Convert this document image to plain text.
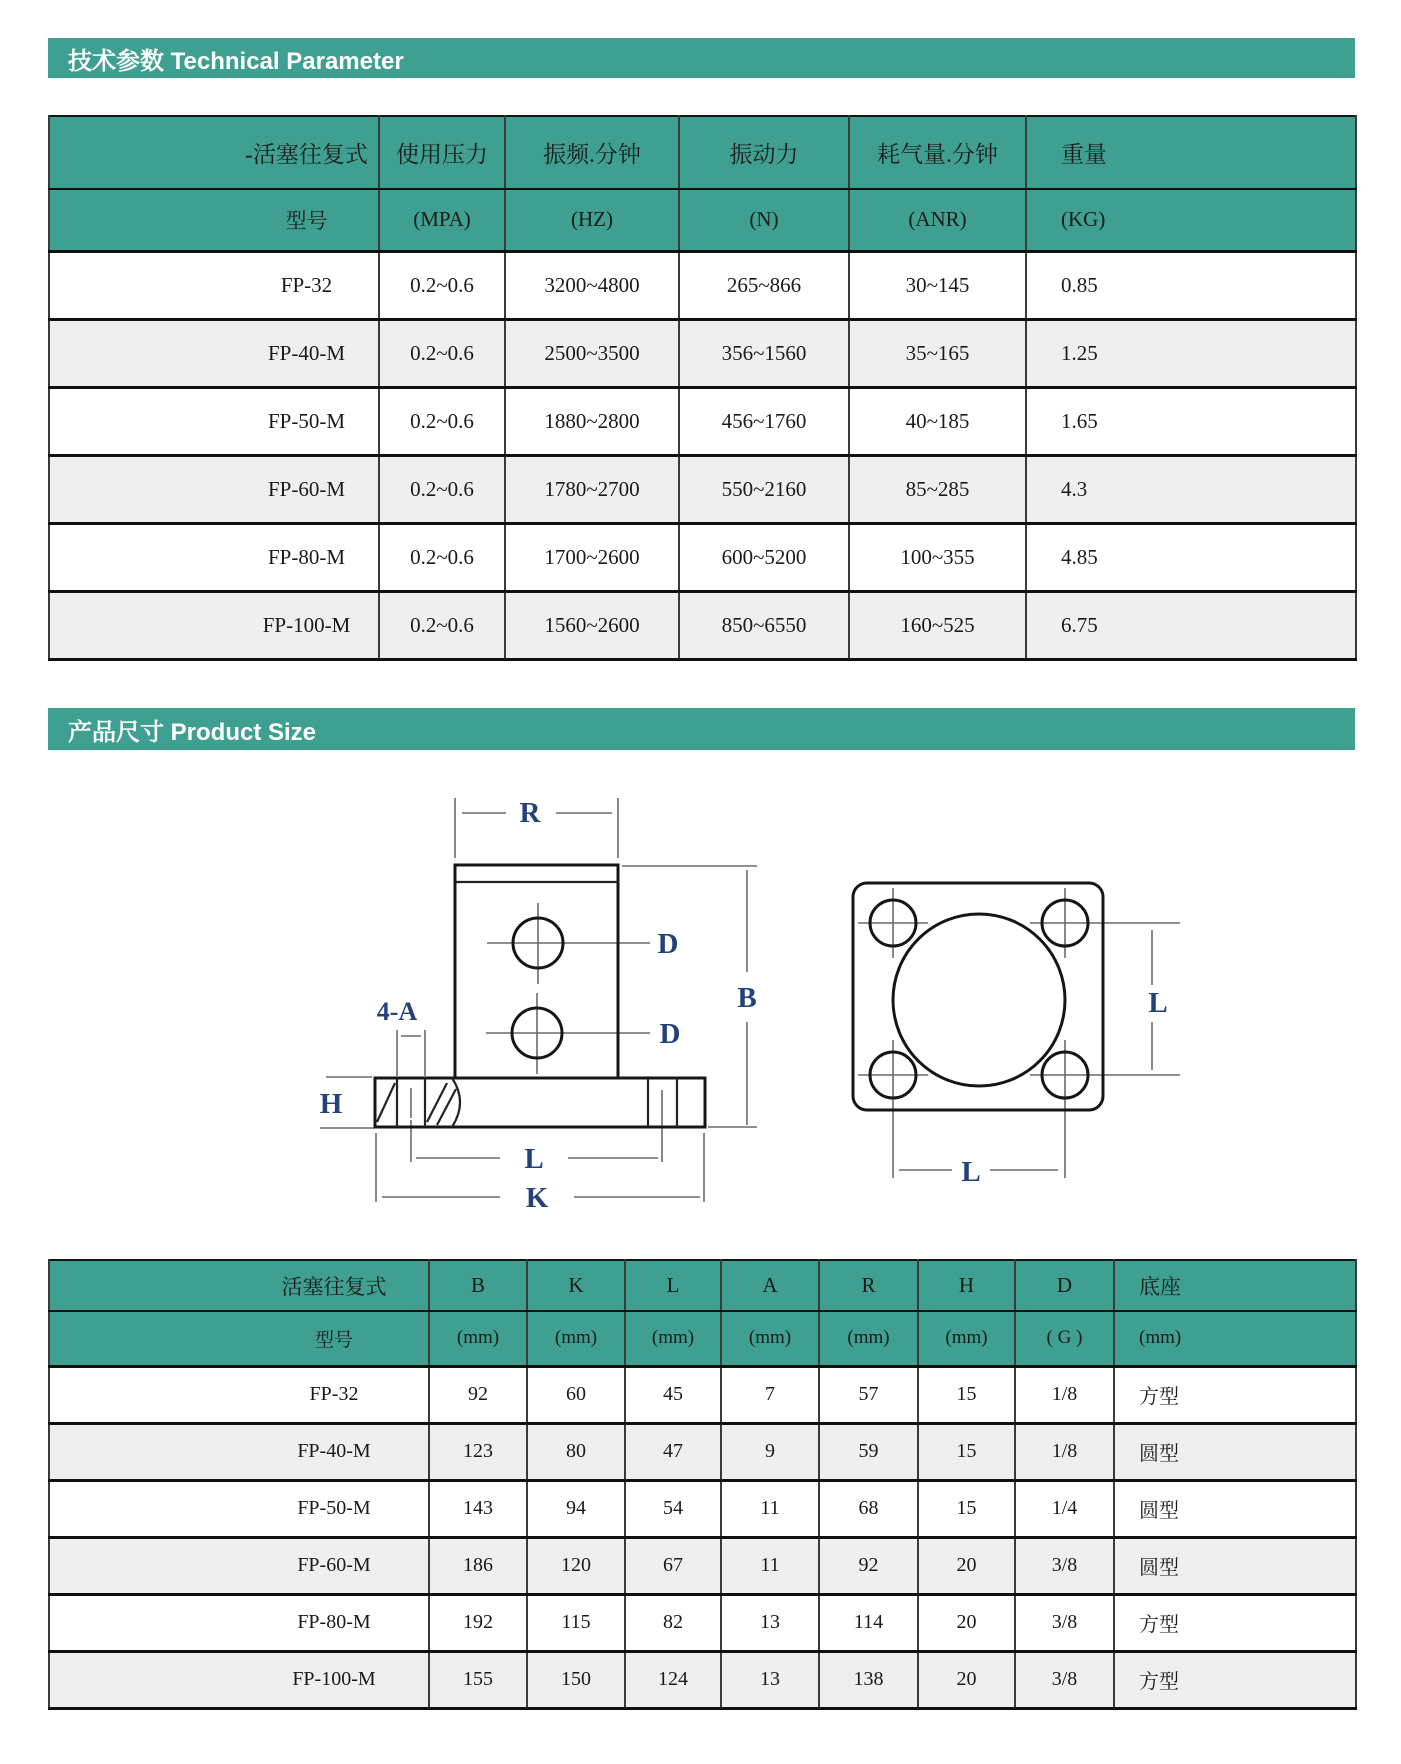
技术参数 Technical Parameter
-活塞往复式	使用压力	振频.分钟	振动力	耗气量.分钟	重量
型号	(MPA)	(HZ)	(N)	(ANR)	(KG)
FP-32	0.2~0.6	3200~4800	265~866	30~145	0.85
FP-40-M	0.2~0.6	2500~3500	356~1560	35~165	1.25
FP-50-M	0.2~0.6	1880~2800	456~1760	40~185	1.65
FP-60-M	0.2~0.6	1780~2700	550~2160	85~285	4.3
FP-80-M	0.2~0.6	1700~2600	600~5200	100~355	4.85
FP-100-M	0.2~0.6	1560~2600	850~6550	160~525	6.75
产品尺寸 Product Size
R
D
D
B
4-A
H
L
K
L
L
活塞往复式	B	K	L	A	R	H	D	底座
型号	(mm)	(mm)	(mm)	(mm)	(mm)	(mm)	( G )	(mm)
FP-32	92	60	45	7	57	15	1/8	方型
FP-40-M	123	80	47	9	59	15	1/8	圆型
FP-50-M	143	94	54	11	68	15	1/4	圆型
FP-60-M	186	120	67	11	92	20	3/8	圆型
FP-80-M	192	115	82	13	114	20	3/8	方型
FP-100-M	155	150	124	13	138	20	3/8	方型
